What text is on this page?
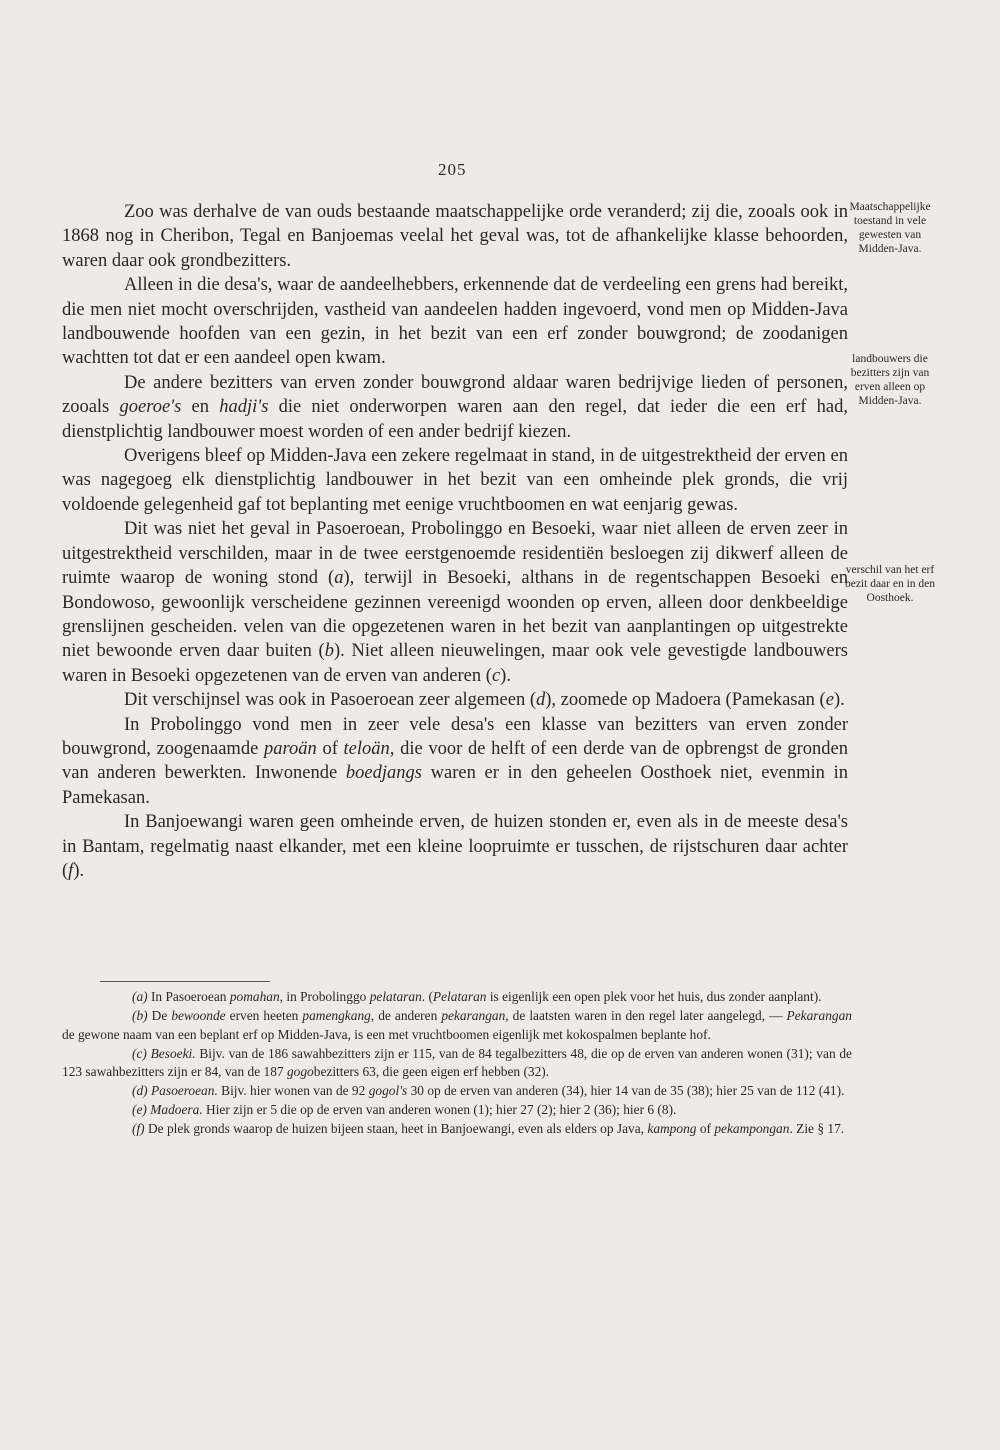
205
Maatschappelijke toestand in vele gewesten van Midden-Java.
landbouwers die bezitters zijn van erven alleen op Midden-Java.
verschil van het erf bezit daar en in den Oosthoek.

Zoo was derhalve de van ouds bestaande maatschappelijke orde veranderd; zij die, zooals ook in 1868 nog in Cheribon, Tegal en Banjoemas veelal het geval was, tot de afhankelijke klasse behoorden, waren daar ook grondbezitters.

Alleen in die desa's, waar de aandeelhebbers, erkennende dat de verdeeling een grens had bereikt, die men niet mocht overschrijden, vastheid van aandeelen hadden ingevoerd, vond men op Midden-Java landbouwende hoofden van een gezin, in het bezit van een erf zonder bouwgrond; de zoodanigen wachtten tot dat er een aandeel open kwam.

De andere bezitters van erven zonder bouwgrond aldaar waren bedrijvige lieden of personen, zooals goeroe's en hadji's die niet onderworpen waren aan den regel, dat ieder die een erf had, dienstplichtig landbouwer moest worden of een ander bedrijf kiezen.

Overigens bleef op Midden-Java een zekere regelmaat in stand, in de uitgestrektheid der erven en was nagegoeg elk dienstplichtig landbouwer in het bezit van een omheinde plek gronds, die vrij voldoende gelegenheid gaf tot beplanting met eenige vruchtboomen en wat eenjarig gewas.

Dit was niet het geval in Pasoeroean, Probolinggo en Besoeki, waar niet alleen de erven zeer in uitgestrektheid verschilden, maar in de twee eerstgenoemde residentiën besloegen zij dikwerf alleen de ruimte waarop de woning stond (a), terwijl in Besoeki, althans in de regentschappen Besoeki en Bondowoso, gewoonlijk verscheidene gezinnen vereenigd woonden op erven, alleen door denkbeeldige grenslijnen gescheiden. velen van die opgezetenen waren in het bezit van aanplantingen op uitgestrekte niet bewoonde erven daar buiten (b). Niet alleen nieuwelingen, maar ook vele gevestigde landbouwers waren in Besoeki opgezetenen van de erven van anderen (c).

Dit verschijnsel was ook in Pasoeroean zeer algemeen (d), zoomede op Madoera (Pamekasan (e).

In Probolinggo vond men in zeer vele desa's een klasse van bezitters van erven zonder bouwgrond, zoogenaamde paroän of teloän, die voor de helft of een derde van de opbrengst de gronden van anderen bewerkten. Inwonende boedjangs waren er in den geheelen Oosthoek niet, evenmin in Pamekasan.

In Banjoewangi waren geen omheinde erven, de huizen stonden er, even als in de meeste desa's in Bantam, regelmatig naast elkander, met een kleine loopruimte er tusschen, de rijstschuren daar achter (f).

(a) In Pasoeroean pomahan, in Probolinggo pelataran. (Pelataran is eigenlijk een open plek voor het huis, dus zonder aanplant).

(b) De bewoonde erven heeten pamengkang, de anderen pekarangan, de laatsten waren in den regel later aangelegd, — Pekarangan de gewone naam van een beplant erf op Midden-Java, is een met vruchtboomen eigenlijk met kokospalmen beplante hof.

(c) Besoeki. Bijv. van de 186 sawahbezitters zijn er 115, van de 84 tegalbezitters 48, die op de erven van anderen wonen (31); van de 123 sawahbezitters zijn er 84, van de 187 gogobezitters 63, die geen eigen erf hebben (32).

(d) Pasoeroean. Bijv. hier wonen van de 92 gogol's 30 op de erven van anderen (34), hier 14 van de 35 (38); hier 25 van de 112 (41).

(e) Madoera. Hier zijn er 5 die op de erven van anderen wonen (1); hier 27 (2); hier 2 (36); hier 6 (8).

(f) De plek gronds waarop de huizen bijeen staan, heet in Banjoewangi, even als elders op Java, kampong of pekampongan. Zie § 17.
